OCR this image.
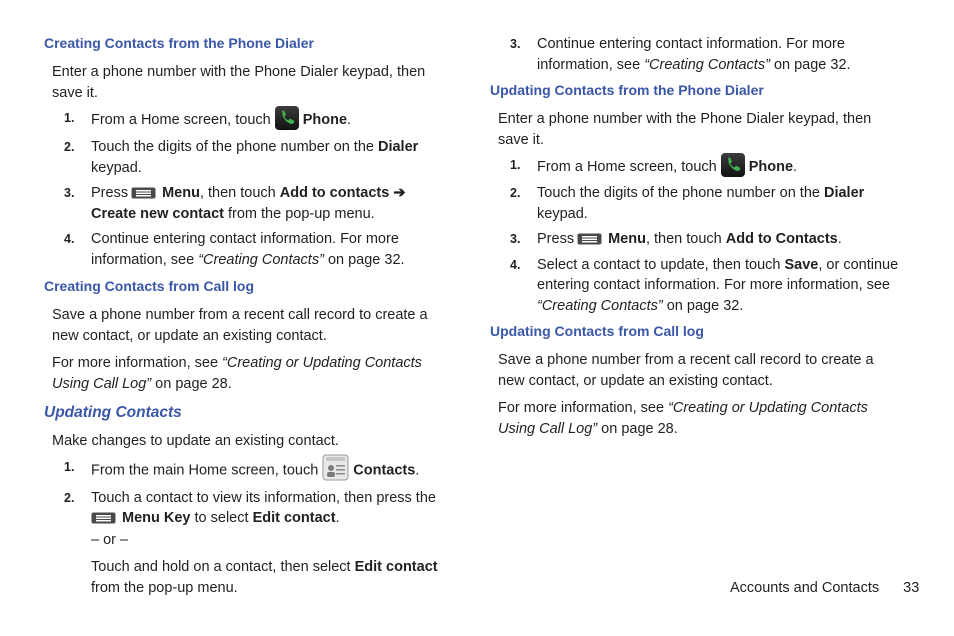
Creating Contacts from the Phone Dialer

Enter a phone number with the Phone Dialer keypad, then save it.

1. From a Home screen, touch Phone.

2. Touch the digits of the phone number on the Dialer keypad.

3. Press Menu, then touch Add to contacts ➔
Create new contact from the pop-up menu.

4. Continue entering contact information. For more information, see “Creating Contacts” on page 32.

Creating Contacts from Call log

Save a phone number from a recent call record to create a new contact, or update an existing contact.

For more information, see “Creating or Updating Contacts Using Call Log” on page 28.

Updating Contacts

Make changes to update an existing contact.

1. From the main Home screen, touch Contacts.

2. Touch a contact to view its information, then press the
Menu Key to select Edit contact.

– or –

Touch and hold on a contact, then select Edit contact from the pop-up menu.

3. Continue entering contact information. For more information, see “Creating Contacts” on page 32.

Updating Contacts from the Phone Dialer

Enter a phone number with the Phone Dialer keypad, then save it.

1. From a Home screen, touch Phone.

2. Touch the digits of the phone number on the Dialer keypad.

3. Press Menu, then touch Add to Contacts.

4. Select a contact to update, then touch Save, or continue entering contact information. For more information, see “Creating Contacts” on page 32.

Updating Contacts from Call log

Save a phone number from a recent call record to create a new contact, or update an existing contact.

For more information, see “Creating or Updating Contacts Using Call Log” on page 28.

Accounts and Contacts 33
